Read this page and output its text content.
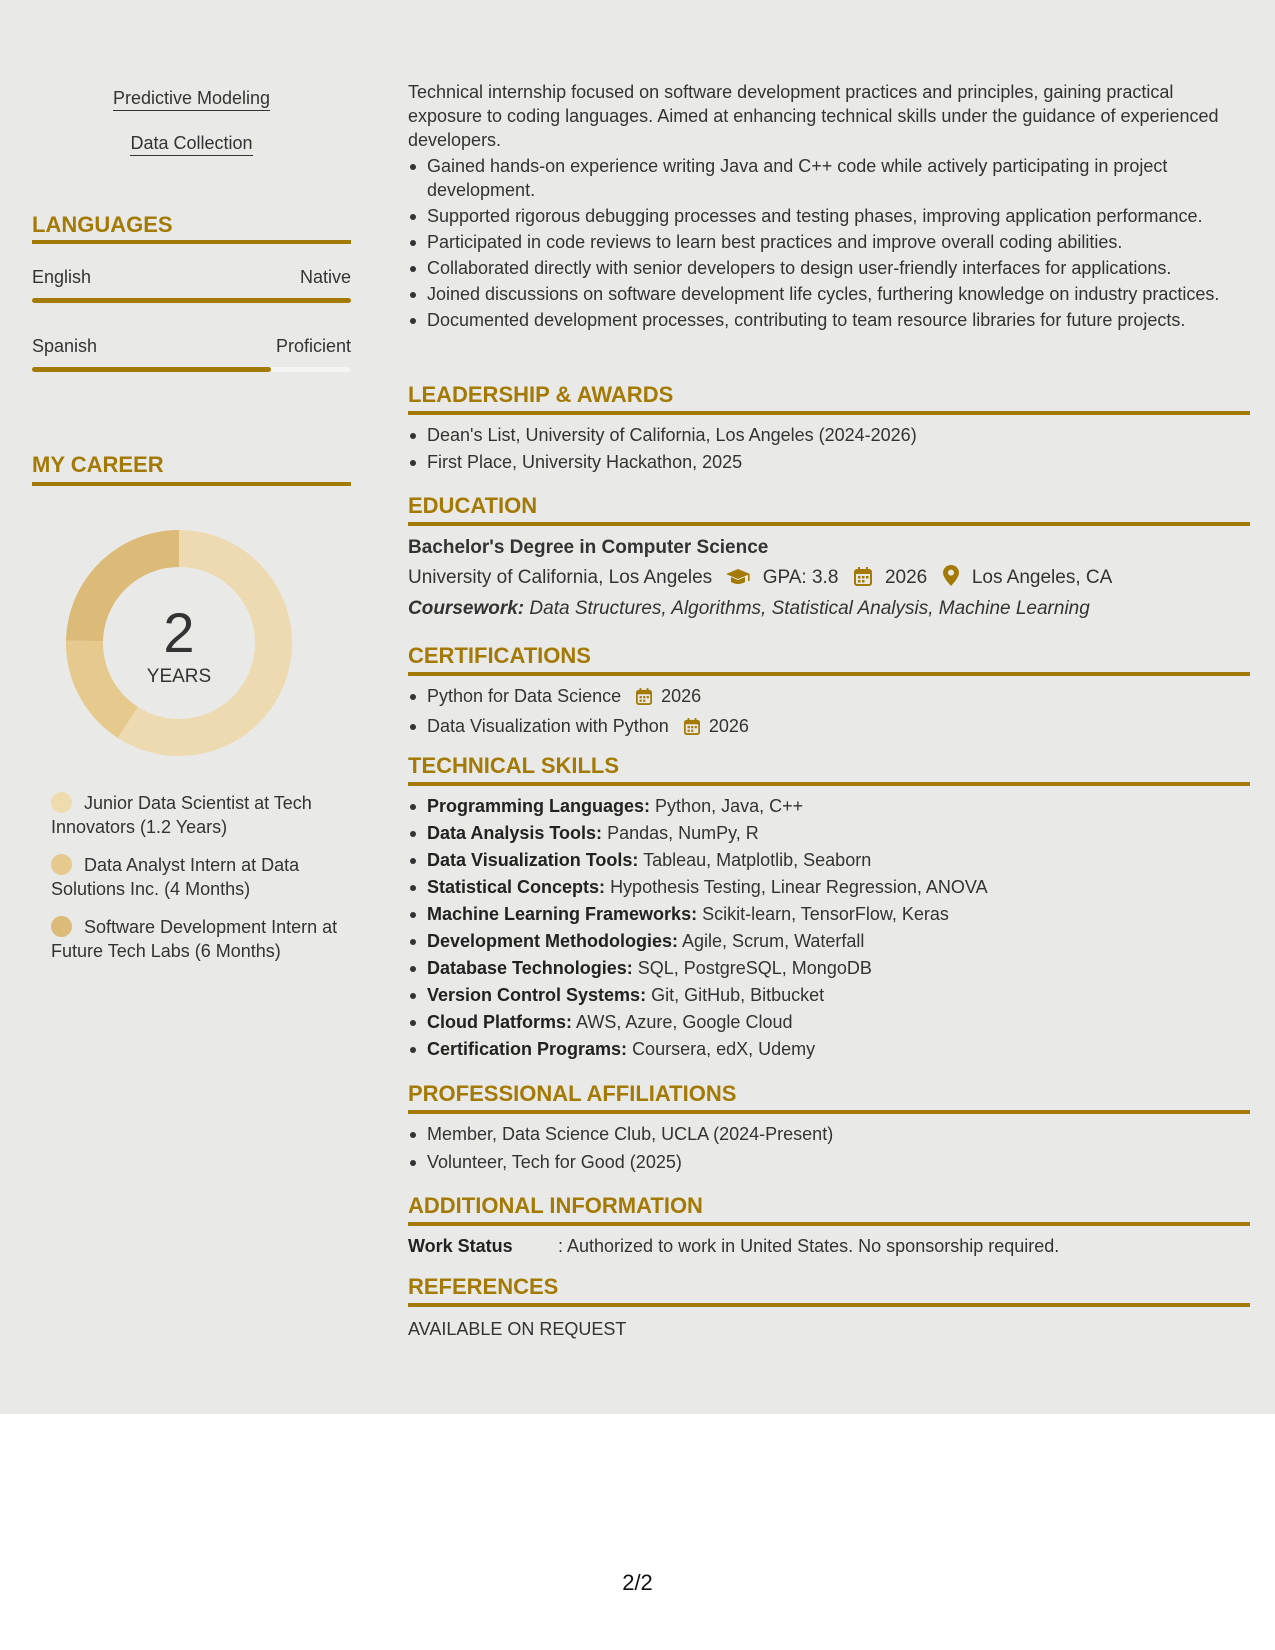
Predictive Modeling
Data Collection
LANGUAGES
English	Native
Spanish	Proficient
MY CAREER
2
YEARS
Junior Data Scientist at Tech Innovators (1.2 Years)
Data Analyst Intern at Data Solutions Inc. (4 Months)
Software Development Intern at Future Tech Labs (6 Months)

Technical internship focused on software development practices and principles, gaining practical exposure to coding languages. Aimed at enhancing technical skills under the guidance of experienced developers.

Gained hands-on experience writing Java and C++ code while actively participating in project development.
Supported rigorous debugging processes and testing phases, improving application performance.
Participated in code reviews to learn best practices and improve overall coding abilities.
Collaborated directly with senior developers to design user-friendly interfaces for applications.
Joined discussions on software development life cycles, furthering knowledge on industry practices.
Documented development processes, contributing to team resource libraries for future projects.
LEADERSHIP & AWARDS
Dean's List, University of California, Los Angeles (2024-2026)
First Place, University Hackathon, 2025
EDUCATION
Bachelor's Degree in Computer Science
University of California, Los Angeles	GPA: 3.8 2026 Los Angeles, CA
Coursework: Data Structures, Algorithms, Statistical Analysis, Machine Learning
CERTIFICATIONS
Python for Data Science 2026
Data Visualization with Python 2026
TECHNICAL SKILLS
Programming Languages: Python, Java, C++
Data Analysis Tools: Pandas, NumPy, R
Data Visualization Tools: Tableau, Matplotlib, Seaborn
Statistical Concepts: Hypothesis Testing, Linear Regression, ANOVA
Machine Learning Frameworks: Scikit-learn, TensorFlow, Keras
Development Methodologies: Agile, Scrum, Waterfall
Database Technologies: SQL, PostgreSQL, MongoDB
Version Control Systems: Git, GitHub, Bitbucket
Cloud Platforms: AWS, Azure, Google Cloud
Certification Programs: Coursera, edX, Udemy
PROFESSIONAL AFFILIATIONS
Member, Data Science Club, UCLA (2024-Present)
Volunteer, Tech for Good (2025)
ADDITIONAL INFORMATION
Work Status	: Authorized to work in United States. No sponsorship required.
REFERENCES
AVAILABLE ON REQUEST
2/2
